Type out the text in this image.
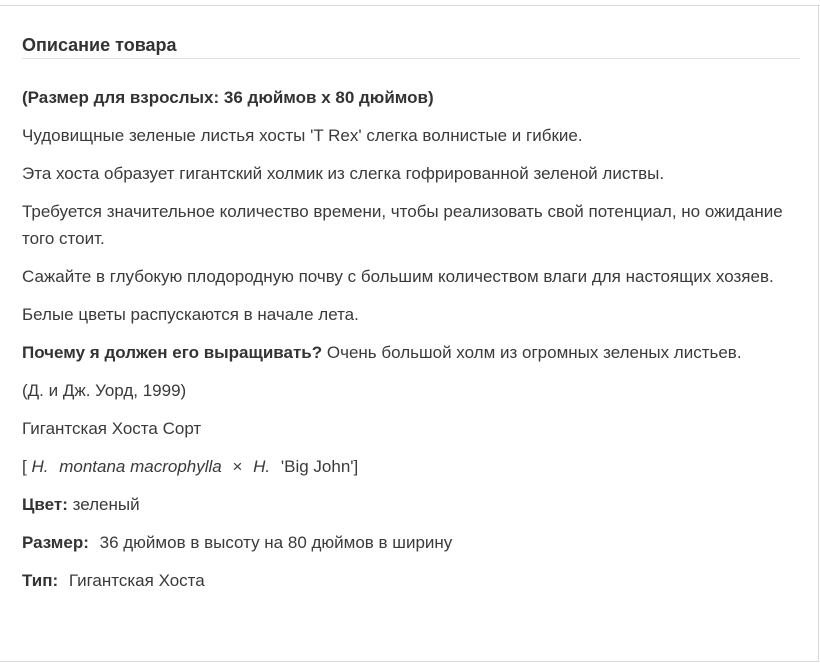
Описание товара

(Размер для взрослых: 36 дюймов x 80 дюймов)

Чудовищные зеленые листья хосты 'T Rex' слегка волнистые и гибкие.

Эта хоста образует гигантский холмик из слегка гофрированной зеленой листвы.

Требуется значительное количество времени, чтобы реализовать свой потенциал, но ожидание того стоит.

Сажайте в глубокую плодородную почву с большим количеством влаги для настоящих хозяев.

Белые цветы распускаются в начале лета.

Почему я должен его выращивать? Очень большой холм из огромных зеленых листьев.

(Д. и Дж. Уорд, 1999)

Гигантская Хоста Сорт

[ H. montana macrophylla × H. 'Big John']

Цвет: зеленый

Размер: 36 дюймов в высоту на 80 дюймов в ширину

Тип: Гигантская Хоста
